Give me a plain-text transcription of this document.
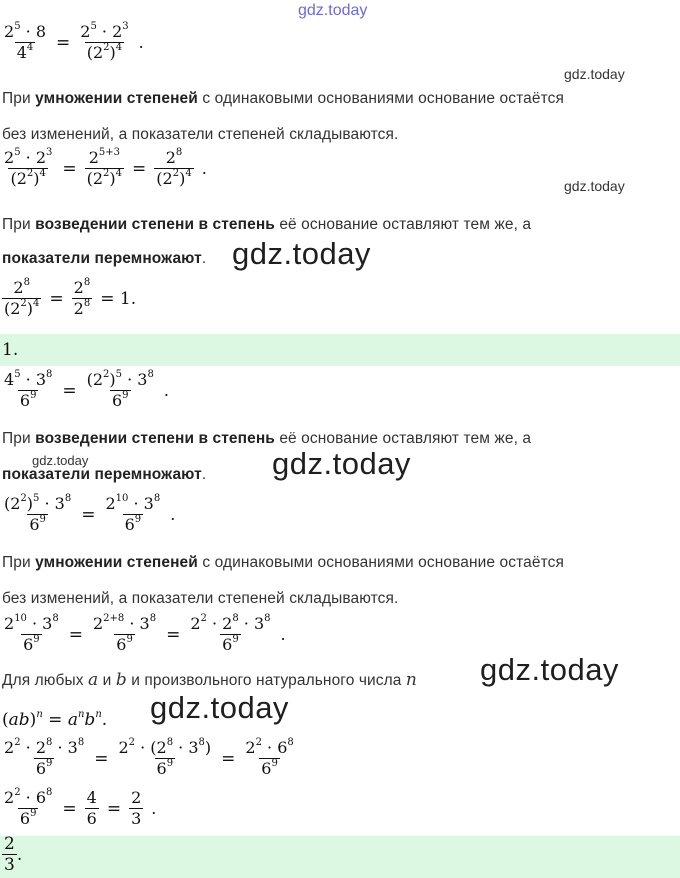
gdz.today
gdz.today
gdz.today
gdz.today
gdz.today	gdz.today
gdz.today
gdz.today
$\frac{2^5 \cdot 8}{4^4} = \frac{2^5 \cdot 2^3}{(2^2)^4}$ .
При умножении степеней с одинаковыми основаниями основание остаётся
без изменений, а показатели степеней складываются.
$\frac{2^5 \cdot 2^3}{(2^2)^4} = \frac{2^{5+3}}{(2^2)^4} = \frac{2^8}{(2^2)^4}$ .
При возведении степени в степень её основание оставляют тем же, а
показатели перемножают.
$\frac{2^8}{(2^2)^4} = \frac{2^8}{2^8} = 1$.
1.
$\frac{4^5 \cdot 3^8}{6^9} = \frac{(2^2)^5 \cdot 3^8}{6^9}$ .
При возведении степени в степень её основание оставляют тем же, а
показатели перемножают.
$\frac{(2^2)^5 \cdot 3^8}{6^9} = \frac{2^{10} \cdot 3^8}{6^9}$ .
При умножении степеней с одинаковыми основаниями основание остаётся
без изменений, а показатели степеней складываются.
$\frac{2^{10} \cdot 3^8}{6^9} = \frac{2^{2+8} \cdot 3^8}{6^9} = \frac{2^2 \cdot 2^8 \cdot 3^8}{6^9}$ .
Для любых a и b и произвольного натурального числа n
$(ab)^n = a^nb^n$.
$\frac{2^2 \cdot 2^8 \cdot 3^8}{6^9} = \frac{2^2 \cdot (2^8 \cdot 3^8)}{6^9} = \frac{2^2 \cdot 6^8}{6^9}$
$\frac{2^2 \cdot 6^8}{6^9} = \frac{4}{6} = \frac{2}{3}$ .
$\frac{2}{3}$ .
